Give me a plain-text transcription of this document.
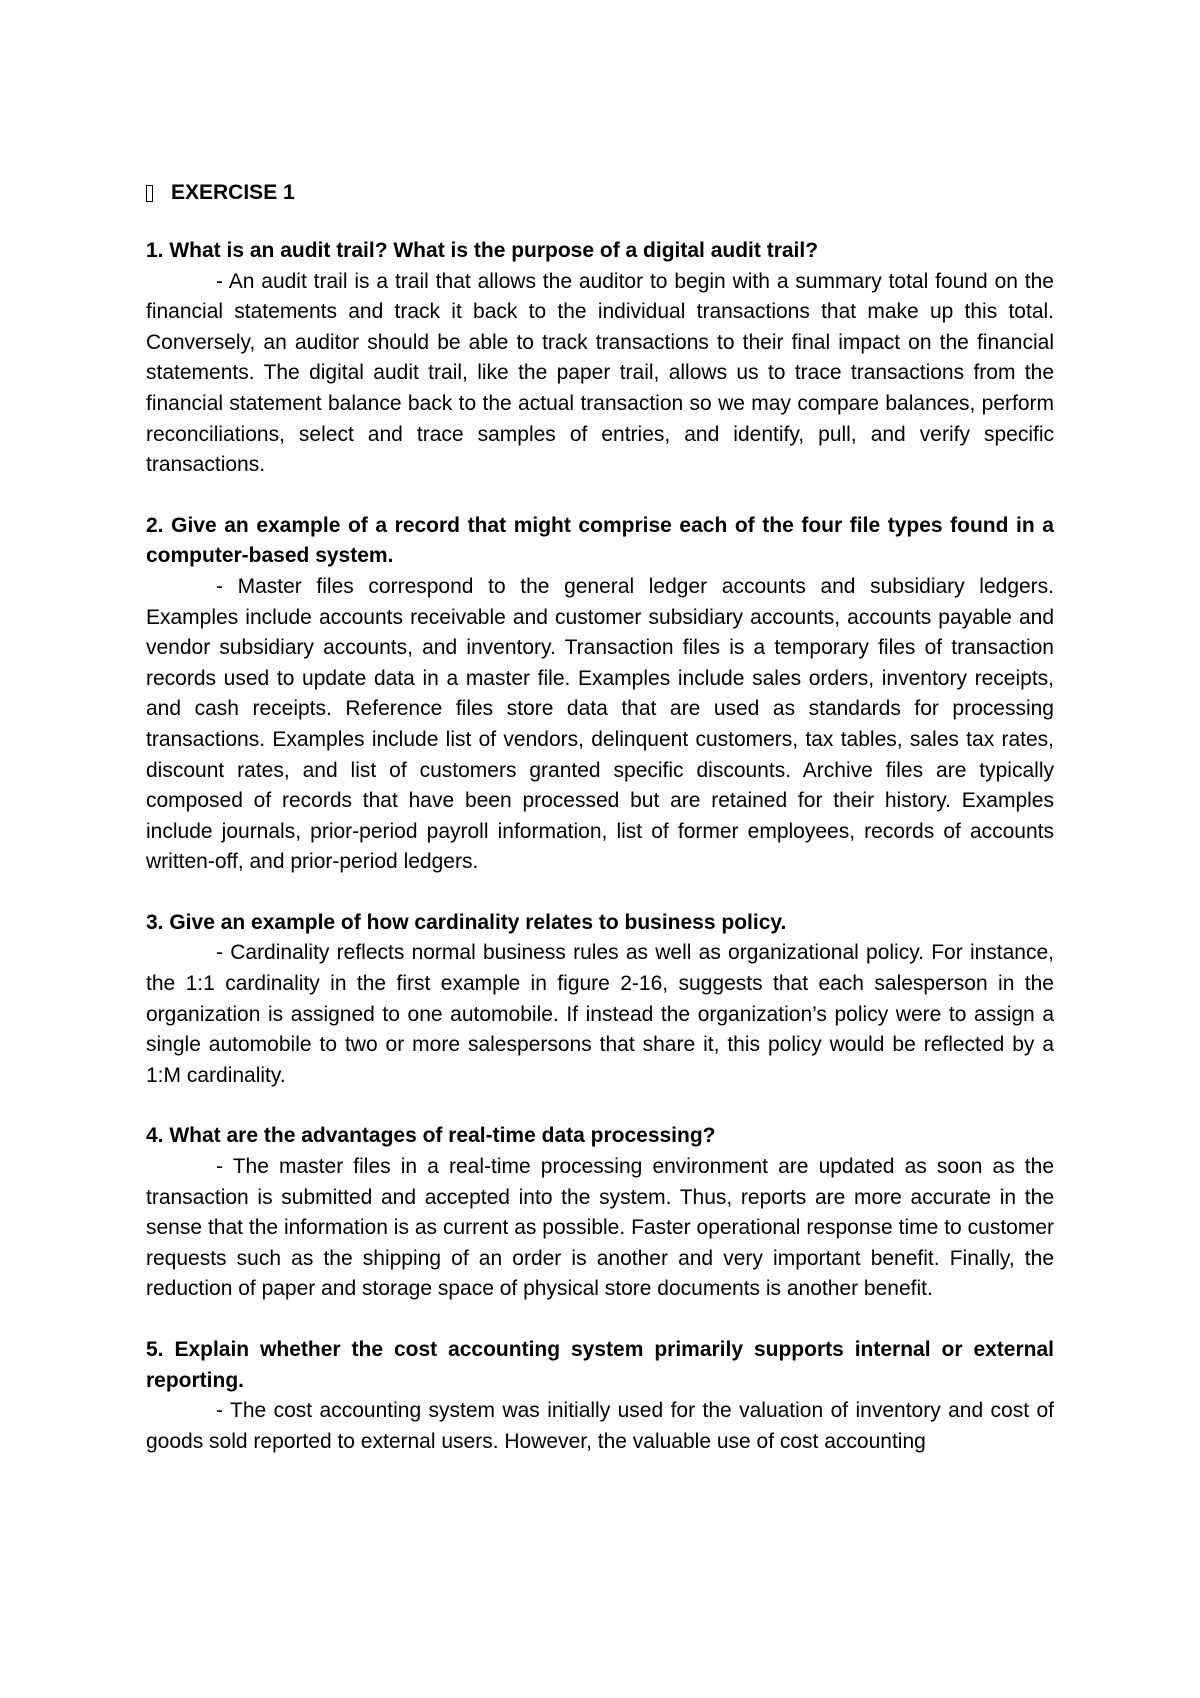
EXERCISE 1

1. What is an audit trail? What is the purpose of a digital audit trail?

- An audit trail is a trail that allows the auditor to begin with a summary total found on the financial statements and track it back to the individual transactions that make up this total. Conversely, an auditor should be able to track transactions to their final impact on the financial statements. The digital audit trail, like the paper trail, allows us to trace transactions from the financial statement balance back to the actual transaction so we may compare balances, perform reconciliations, select and trace samples of entries, and identify, pull, and verify specific transactions.

2. Give an example of a record that might comprise each of the four file types found in a computer-based system.

- Master files correspond to the general ledger accounts and subsidiary ledgers. Examples include accounts receivable and customer subsidiary accounts, accounts payable and vendor subsidiary accounts, and inventory. Transaction files is a temporary files of transaction records used to update data in a master file. Examples include sales orders, inventory receipts, and cash receipts. Reference files store data that are used as standards for processing transactions. Examples include list of vendors, delinquent customers, tax tables, sales tax rates, discount rates, and list of customers granted specific discounts. Archive files are typically composed of records that have been processed but are retained for their history. Examples include journals, prior-period payroll information, list of former employees, records of accounts written-off, and prior-period ledgers.

3. Give an example of how cardinality relates to business policy.

- Cardinality reflects normal business rules as well as organizational policy. For instance, the 1:1 cardinality in the first example in figure 2-16, suggests that each salesperson in the organization is assigned to one automobile. If instead the organization’s policy were to assign a single automobile to two or more salespersons that share it, this policy would be reflected by a 1:M cardinality.

4. What are the advantages of real-time data processing?

- The master files in a real-time processing environment are updated as soon as the transaction is submitted and accepted into the system. Thus, reports are more accurate in the sense that the information is as current as possible. Faster operational response time to customer requests such as the shipping of an order is another and very important benefit. Finally, the reduction of paper and storage space of physical store documents is another benefit.

5. Explain whether the cost accounting system primarily supports internal or external reporting.

- The cost accounting system was initially used for the valuation of inventory and cost of goods sold reported to external users. However, the valuable use of cost accounting
